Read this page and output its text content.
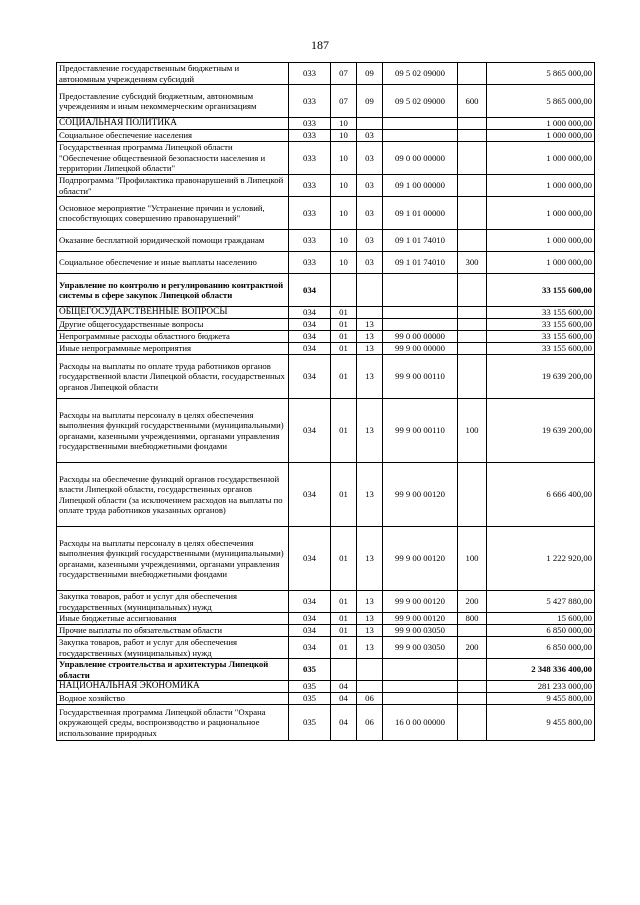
187
Предоставление государственным бюджетным и автономным учреждениям субсидий	033	07	09	09 5 02 09000		5 865 000,00
Предоставление субсидий бюджетным, автономным учреждениям и иным некоммерческим организациям	033	07	09	09 5 02 09000	600	5 865 000,00
СОЦИАЛЬНАЯ ПОЛИТИКА	033	10				1 000 000,00
Социальное обеспечение населения	033	10	03			1 000 000,00
Государственная программа Липецкой области "Обеспечение общественной безопасности населения и территории Липецкой области"	033	10	03	09 0 00 00000		1 000 000,00
Подпрограмма "Профилактика правонарушений в Липецкой области"	033	10	03	09 1 00 00000		1 000 000,00
Основное мероприятие "Устранение причин и условий, способствующих совершению правонарушений"	033	10	03	09 1 01 00000		1 000 000,00
Оказание бесплатной юридической помощи гражданам	033	10	03	09 1 01 74010		1 000 000,00
Социальное обеспечение и иные выплаты населению	033	10	03	09 1 01 74010	300	1 000 000,00
Управление по контролю и регулированию контрактной системы в сфере закупок Липецкой области	034					33 155 600,00
ОБЩЕГОСУДАРСТВЕННЫЕ ВОПРОСЫ	034	01				33 155 600,00
Другие общегосударственные вопросы	034	01	13			33 155 600,00
Непрограммные расходы областного бюджета	034	01	13	99 0 00 00000		33 155 600,00
Иные непрограммные мероприятия	034	01	13	99 9 00 00000		33 155 600,00
Расходы на выплаты по оплате труда работников органов государственной власти Липецкой области, государственных органов Липецкой области	034	01	13	99 9 00 00110		19 639 200,00
Расходы на выплаты персоналу в целях обеспечения выполнения функций государственными (муниципальными) органами, казенными учреждениями, органами управления государственными внебюджетными фондами	034	01	13	99 9 00 00110	100	19 639 200,00
Расходы на обеспечение функций органов государственной власти Липецкой области, государственных органов Липецкой области (за исключением расходов на выплаты по оплате труда работников указанных органов)	034	01	13	99 9 00 00120		6 666 400,00
Расходы на выплаты персоналу в целях обеспечения выполнения функций государственными (муниципальными) органами, казенными учреждениями, органами управления государственными внебюджетными фондами	034	01	13	99 9 00 00120	100	1 222 920,00
Закупка товаров, работ и услуг для обеспечения государственных (муниципальных) нужд	034	01	13	99 9 00 00120	200	5 427 880,00
Иные бюджетные ассигнования	034	01	13	99 9 00 00120	800	15 600,00
Прочие выплаты по обязательствам области	034	01	13	99 9 00 03050		6 850 000,00
Закупка товаров, работ и услуг для обеспечения государственных (муниципальных) нужд	034	01	13	99 9 00 03050	200	6 850 000,00
Управление строительства и архитектуры Липецкой области	035					2 348 336 400,00
НАЦИОНАЛЬНАЯ ЭКОНОМИКА	035	04				281 233 000,00
Водное хозяйство	035	04	06			9 455 800,00
Государственная программа Липецкой области "Охрана окружающей среды, воспроизводство и рациональное использование природных	035	04	06	16 0 00 00000		9 455 800,00
